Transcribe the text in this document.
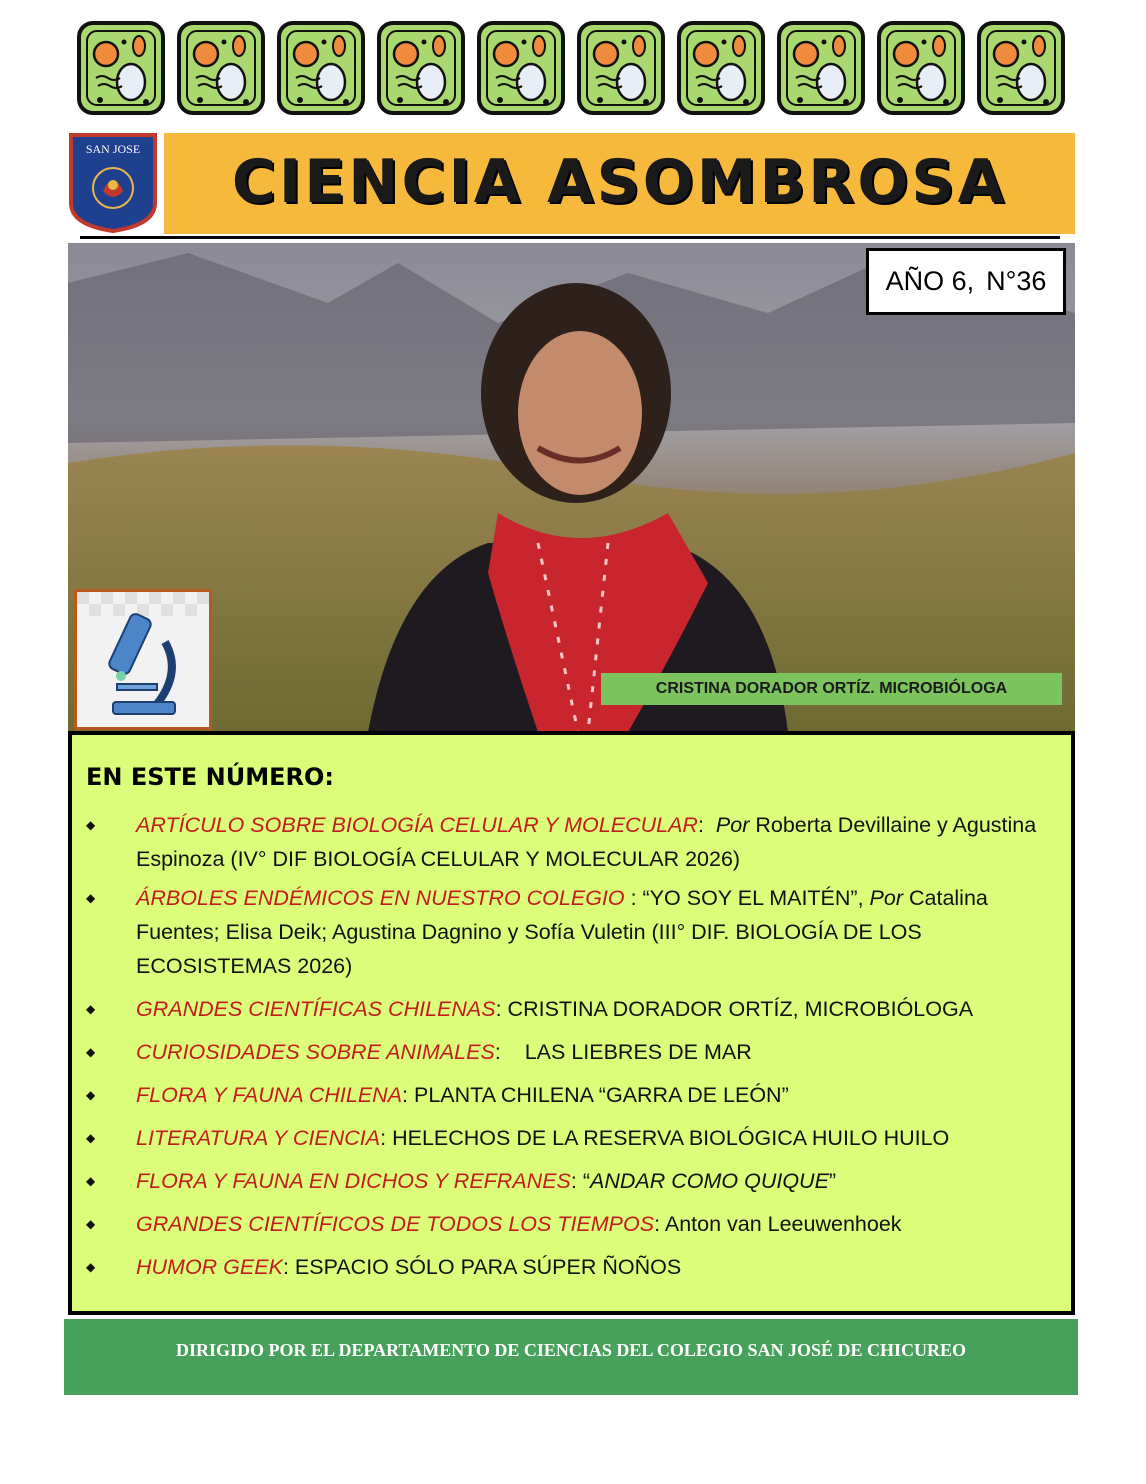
SAN JOSE	CIENCIA ASOMBROSA
AÑO 6, N°36
CRISTINA DORADOR ORTÍZ. MICROBIÓLOGA
EN ESTE NÚMERO:
◆ ARTÍCULO SOBRE BIOLOGÍA CELULAR Y MOLECULAR: Por Roberta Devillaine y Agustina Espinoza (IV° DIF BIOLOGÍA CELULAR Y MOLECULAR 2026)
◆ ÁRBOLES ENDÉMICOS EN NUESTRO COLEGIO : “YO SOY EL MAITÉN”, Por Catalina Fuentes; Elisa Deik; Agustina Dagnino y Sofía Vuletin (III° DIF. BIOLOGÍA DE LOS ECOSISTEMAS 2026)
◆ GRANDES CIENTÍFICAS CHILENAS: CRISTINA DORADOR ORTÍZ, MICROBIÓLOGA
◆ CURIOSIDADES SOBRE ANIMALES:    LAS LIEBRES DE MAR
◆ FLORA Y FAUNA CHILENA: PLANTA CHILENA “GARRA DE LEÓN”
◆ LITERATURA Y CIENCIA: HELECHOS DE LA RESERVA BIOLÓGICA HUILO HUILO
◆ FLORA Y FAUNA EN DICHOS Y REFRANES: “ANDAR COMO QUIQUE”
◆ GRANDES CIENTÍFICOS DE TODOS LOS TIEMPOS: Anton van Leeuwenhoek
◆ HUMOR GEEK: ESPACIO SÓLO PARA SÚPER ÑOÑOS
DIRIGIDO POR EL DEPARTAMENTO DE CIENCIAS DEL COLEGIO SAN JOSÉ DE CHICUREO
